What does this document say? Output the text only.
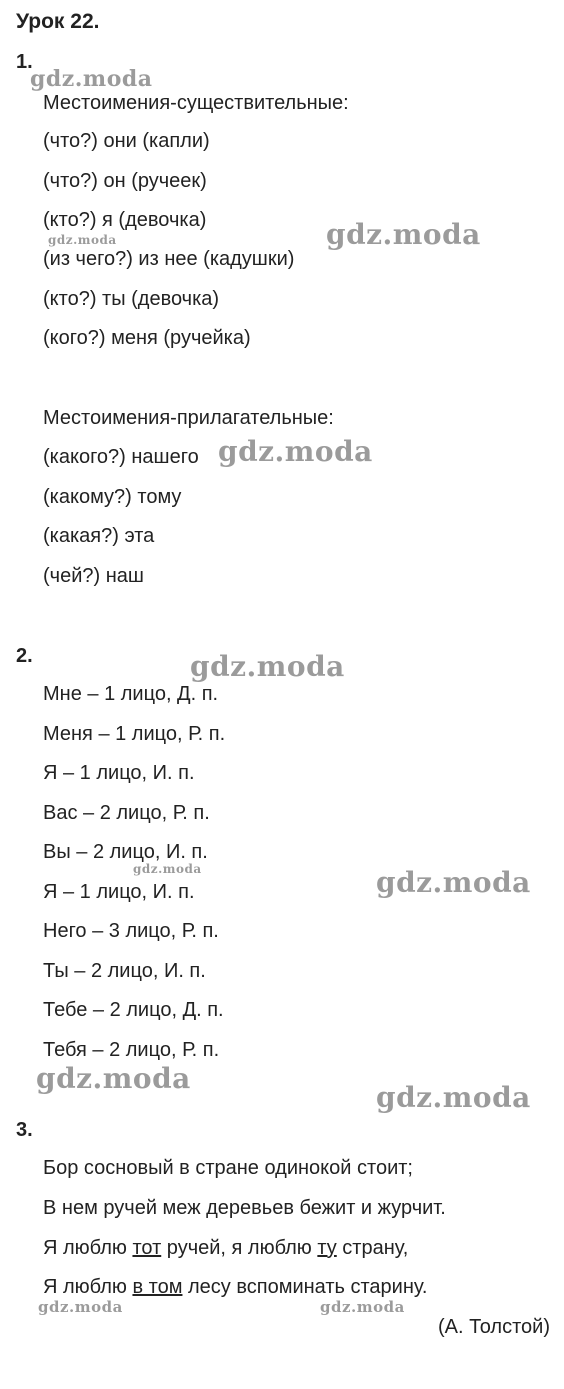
Урок 22.
1.
Местоимения-существительные:
(что?) они (капли)
(что?) он (ручеек)
(кто?) я (девочка)
(из чего?) из нее (кадушки)
(кто?) ты (девочка)
(кого?) меня (ручейка)
Местоимения-прилагательные:
(какого?) нашего
(какому?) тому
(какая?) эта
(чей?) наш
2.
Мне – 1 лицо, Д. п.
Меня – 1 лицо, Р. п.
Я – 1 лицо, И. п.
Вас – 2 лицо, Р. п.
Вы – 2 лицо, И. п.
Я – 1 лицо, И. п.
Него – 3 лицо, Р. п.
Ты – 2 лицо, И. п.
Тебе – 2 лицо, Д. п.
Тебя – 2 лицо, Р. п.
3.
Бор сосновый в стране одинокой стоит;
В нем ручей меж деревьев бежит и журчит.
Я люблю тот ручей, я люблю ту страну,
Я люблю в том лесу вспоминать старину.
(А. Толстой)
gdz.moda
gdz.moda
gdz.moda
gdz.moda
gdz.moda
gdz.moda	gdz.moda
gdz.moda
gdz.moda
gdz.moda	gdz.moda
